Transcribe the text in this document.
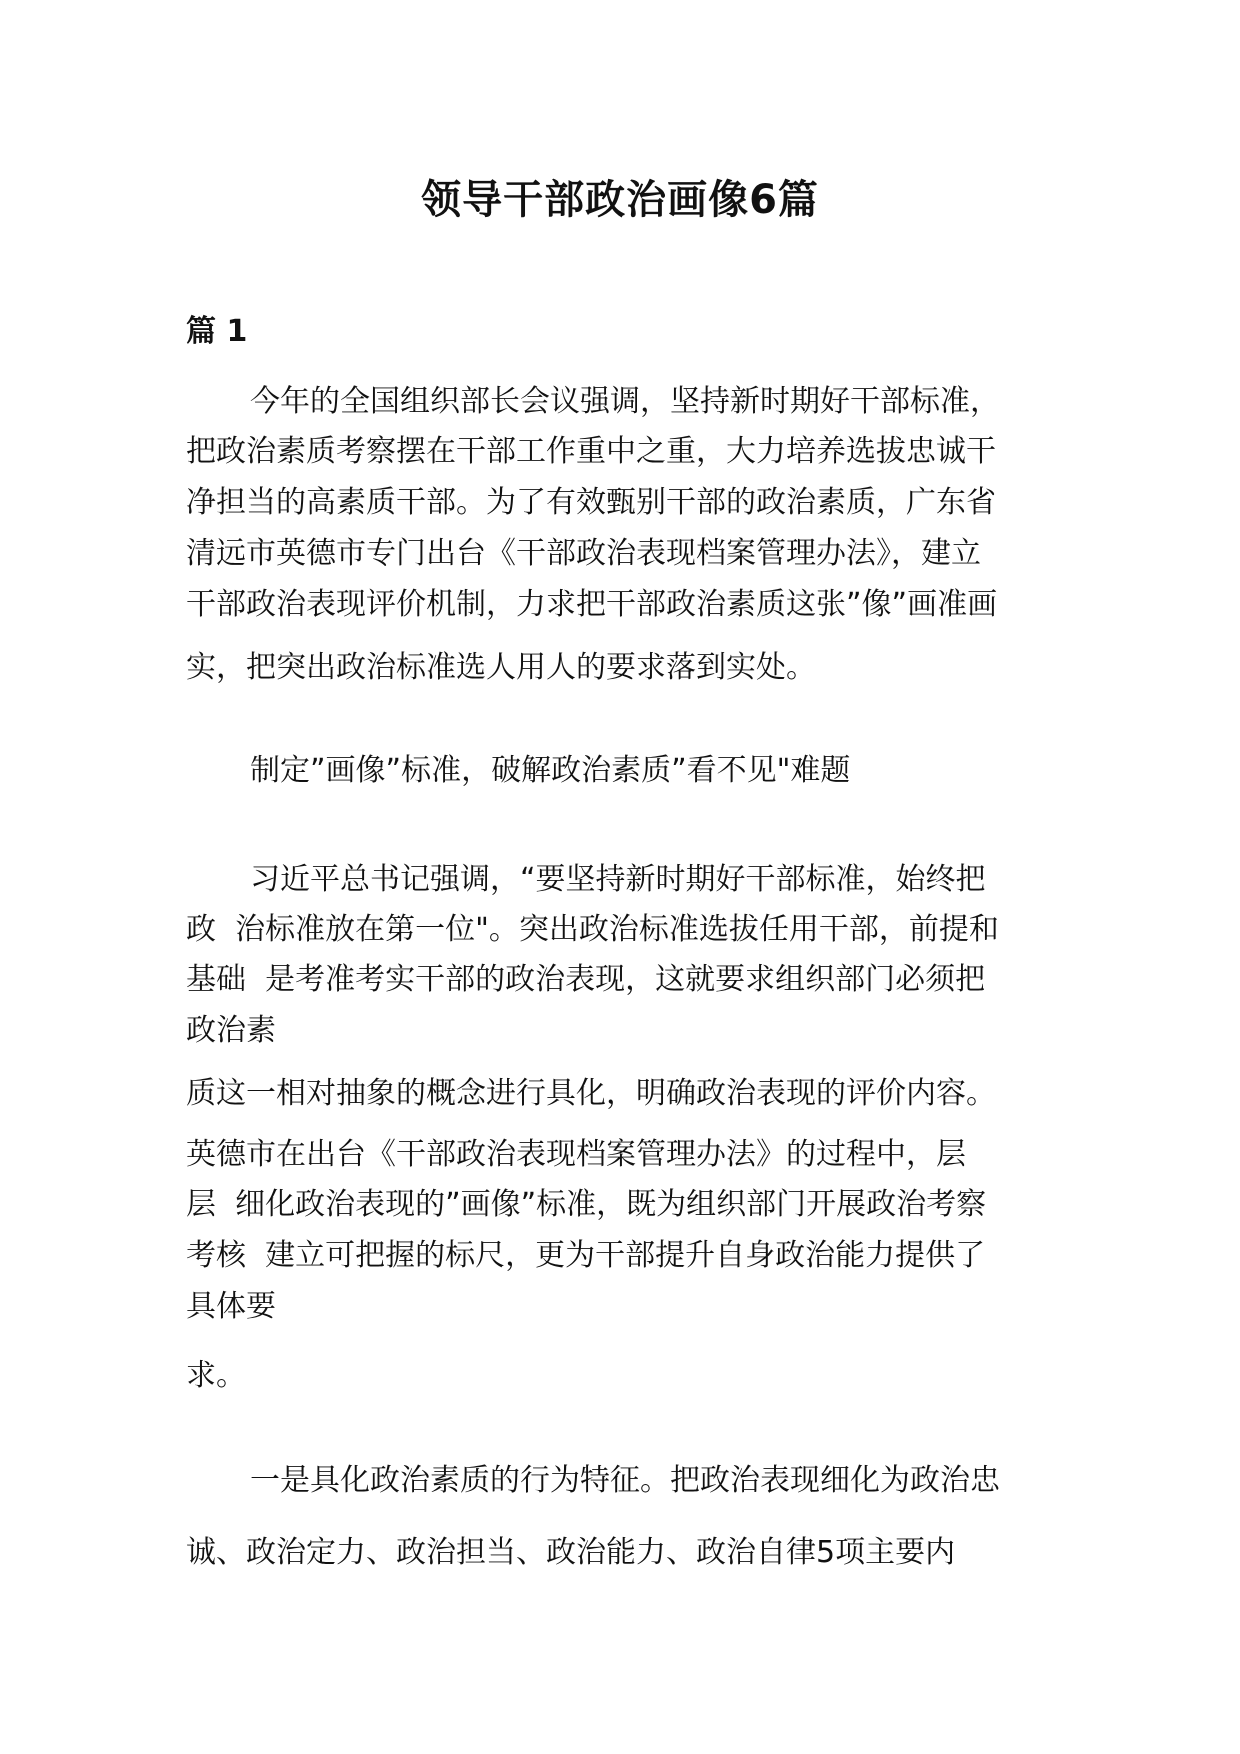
领导干部政治画像6篇
篇 1
今年的全国组织部长会议强调，坚持新时期好干部标准，
把政治素质考察摆在干部工作重中之重，大力培养选拔忠诚干
净担当的高素质干部。为了有效甄别干部的政治素质，广东省
清远市英德市专门出台《干部政治表现档案管理办法》，建立
干部政治表现评价机制，力求把干部政治素质这张”像”画准画
实，把突出政治标准选人用人的要求落到实处。
制定”画像”标准，破解政治素质”看不见"难题
习近平总书记强调，“要坚持新时期好干部标准，始终把
政  治标准放在第一位"。突出政治标准选拔任用干部，前提和
基础  是考准考实干部的政治表现，这就要求组织部门必须把
政治素
质这一相对抽象的概念进行具化，明确政治表现的评价内容。
英德市在出台《干部政治表现档案管理办法》的过程中，层
层  细化政治表现的”画像”标准，既为组织部门开展政治考察
考核  建立可把握的标尺，更为干部提升自身政治能力提供了
具体要
求。
一是具化政治素质的行为特征。把政治表现细化为政治忠
诚、政治定力、政治担当、政治能力、政治自律5项主要内
